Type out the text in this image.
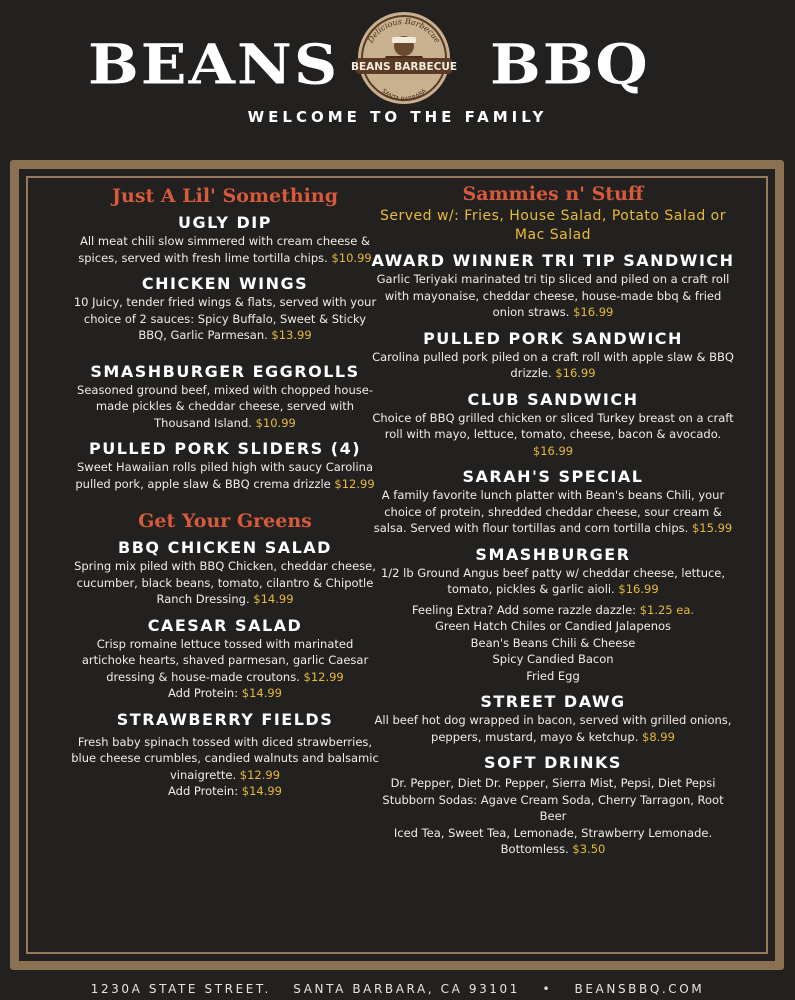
BEANS	Delicious Barbecue
BEANS BARBECUE
SANTA BARBARA BBQ
WELCOME TO THE FAMILY
Just A Lil' Something
UGLY DIP
All meat chili slow simmered with cream cheese & spices, served with fresh lime tortilla chips. $10.99
CHICKEN WINGS
10 Juicy, tender fried wings & flats, served with your choice of 2 sauces: Spicy Buffalo, Sweet & Sticky BBQ, Garlic Parmesan. $13.99
SMASHBURGER EGGROLLS
Seasoned ground beef, mixed with chopped house-made pickles & cheddar cheese, served with Thousand Island. $10.99
PULLED PORK SLIDERS (4)
Sweet Hawaiian rolls piled high with saucy Carolina pulled pork, apple slaw & BBQ crema drizzle $12.99
Get Your Greens
BBQ CHICKEN SALAD
Spring mix piled with BBQ Chicken, cheddar cheese, cucumber, black beans, tomato, cilantro & Chipotle Ranch Dressing. $14.99
CAESAR SALAD
Crisp romaine lettuce tossed with marinated artichoke hearts, shaved parmesan, garlic Caesar dressing & house-made croutons. $12.99
Add Protein: $14.99
STRAWBERRY FIELDS
Fresh baby spinach tossed with diced strawberries, blue cheese crumbles, candied walnuts and balsamic vinaigrette. $12.99
Add Protein: $14.99
Sammies n' Stuff
Served w/: Fries, House Salad, Potato Salad or Mac Salad
AWARD WINNER TRI TIP SANDWICH
Garlic Teriyaki marinated tri tip sliced and piled on a craft roll with mayonaise, cheddar cheese, house-made bbq & fried onion straws. $16.99
PULLED PORK SANDWICH
Carolina pulled pork piled on a craft roll with apple slaw & BBQ drizzle. $16.99
CLUB SANDWICH
Choice of BBQ grilled chicken or sliced Turkey breast on a craft roll with mayo, lettuce, tomato, cheese, bacon & avocado. $16.99
SARAH'S SPECIAL
A family favorite lunch platter with Bean's beans Chili, your choice of protein, shredded cheddar cheese, sour cream & salsa. Served with flour tortillas and corn tortilla chips. $15.99
SMASHBURGER
1/2 lb Ground Angus beef patty w/ cheddar cheese, lettuce, tomato, pickles & garlic aioli. $16.99
Feeling Extra? Add some razzle dazzle: $1.25 ea.
Green Hatch Chiles or Candied Jalapenos
Bean's Beans Chili & Cheese
Spicy Candied Bacon
Fried Egg
STREET DAWG
All beef hot dog wrapped in bacon, served with grilled onions, peppers, mustard, mayo & ketchup. $8.99
SOFT DRINKS
Dr. Pepper, Diet Dr. Pepper, Sierra Mist, Pepsi, Diet Pepsi
Stubborn Sodas: Agave Cream Soda, Cherry Tarragon, Root Beer
Iced Tea, Sweet Tea, Lemonade, Strawberry Lemonade. Bottomless. $3.50
1230A STATE STREET. SANTA BARBARA, CA 93101 • BEANSBBQ.COM
